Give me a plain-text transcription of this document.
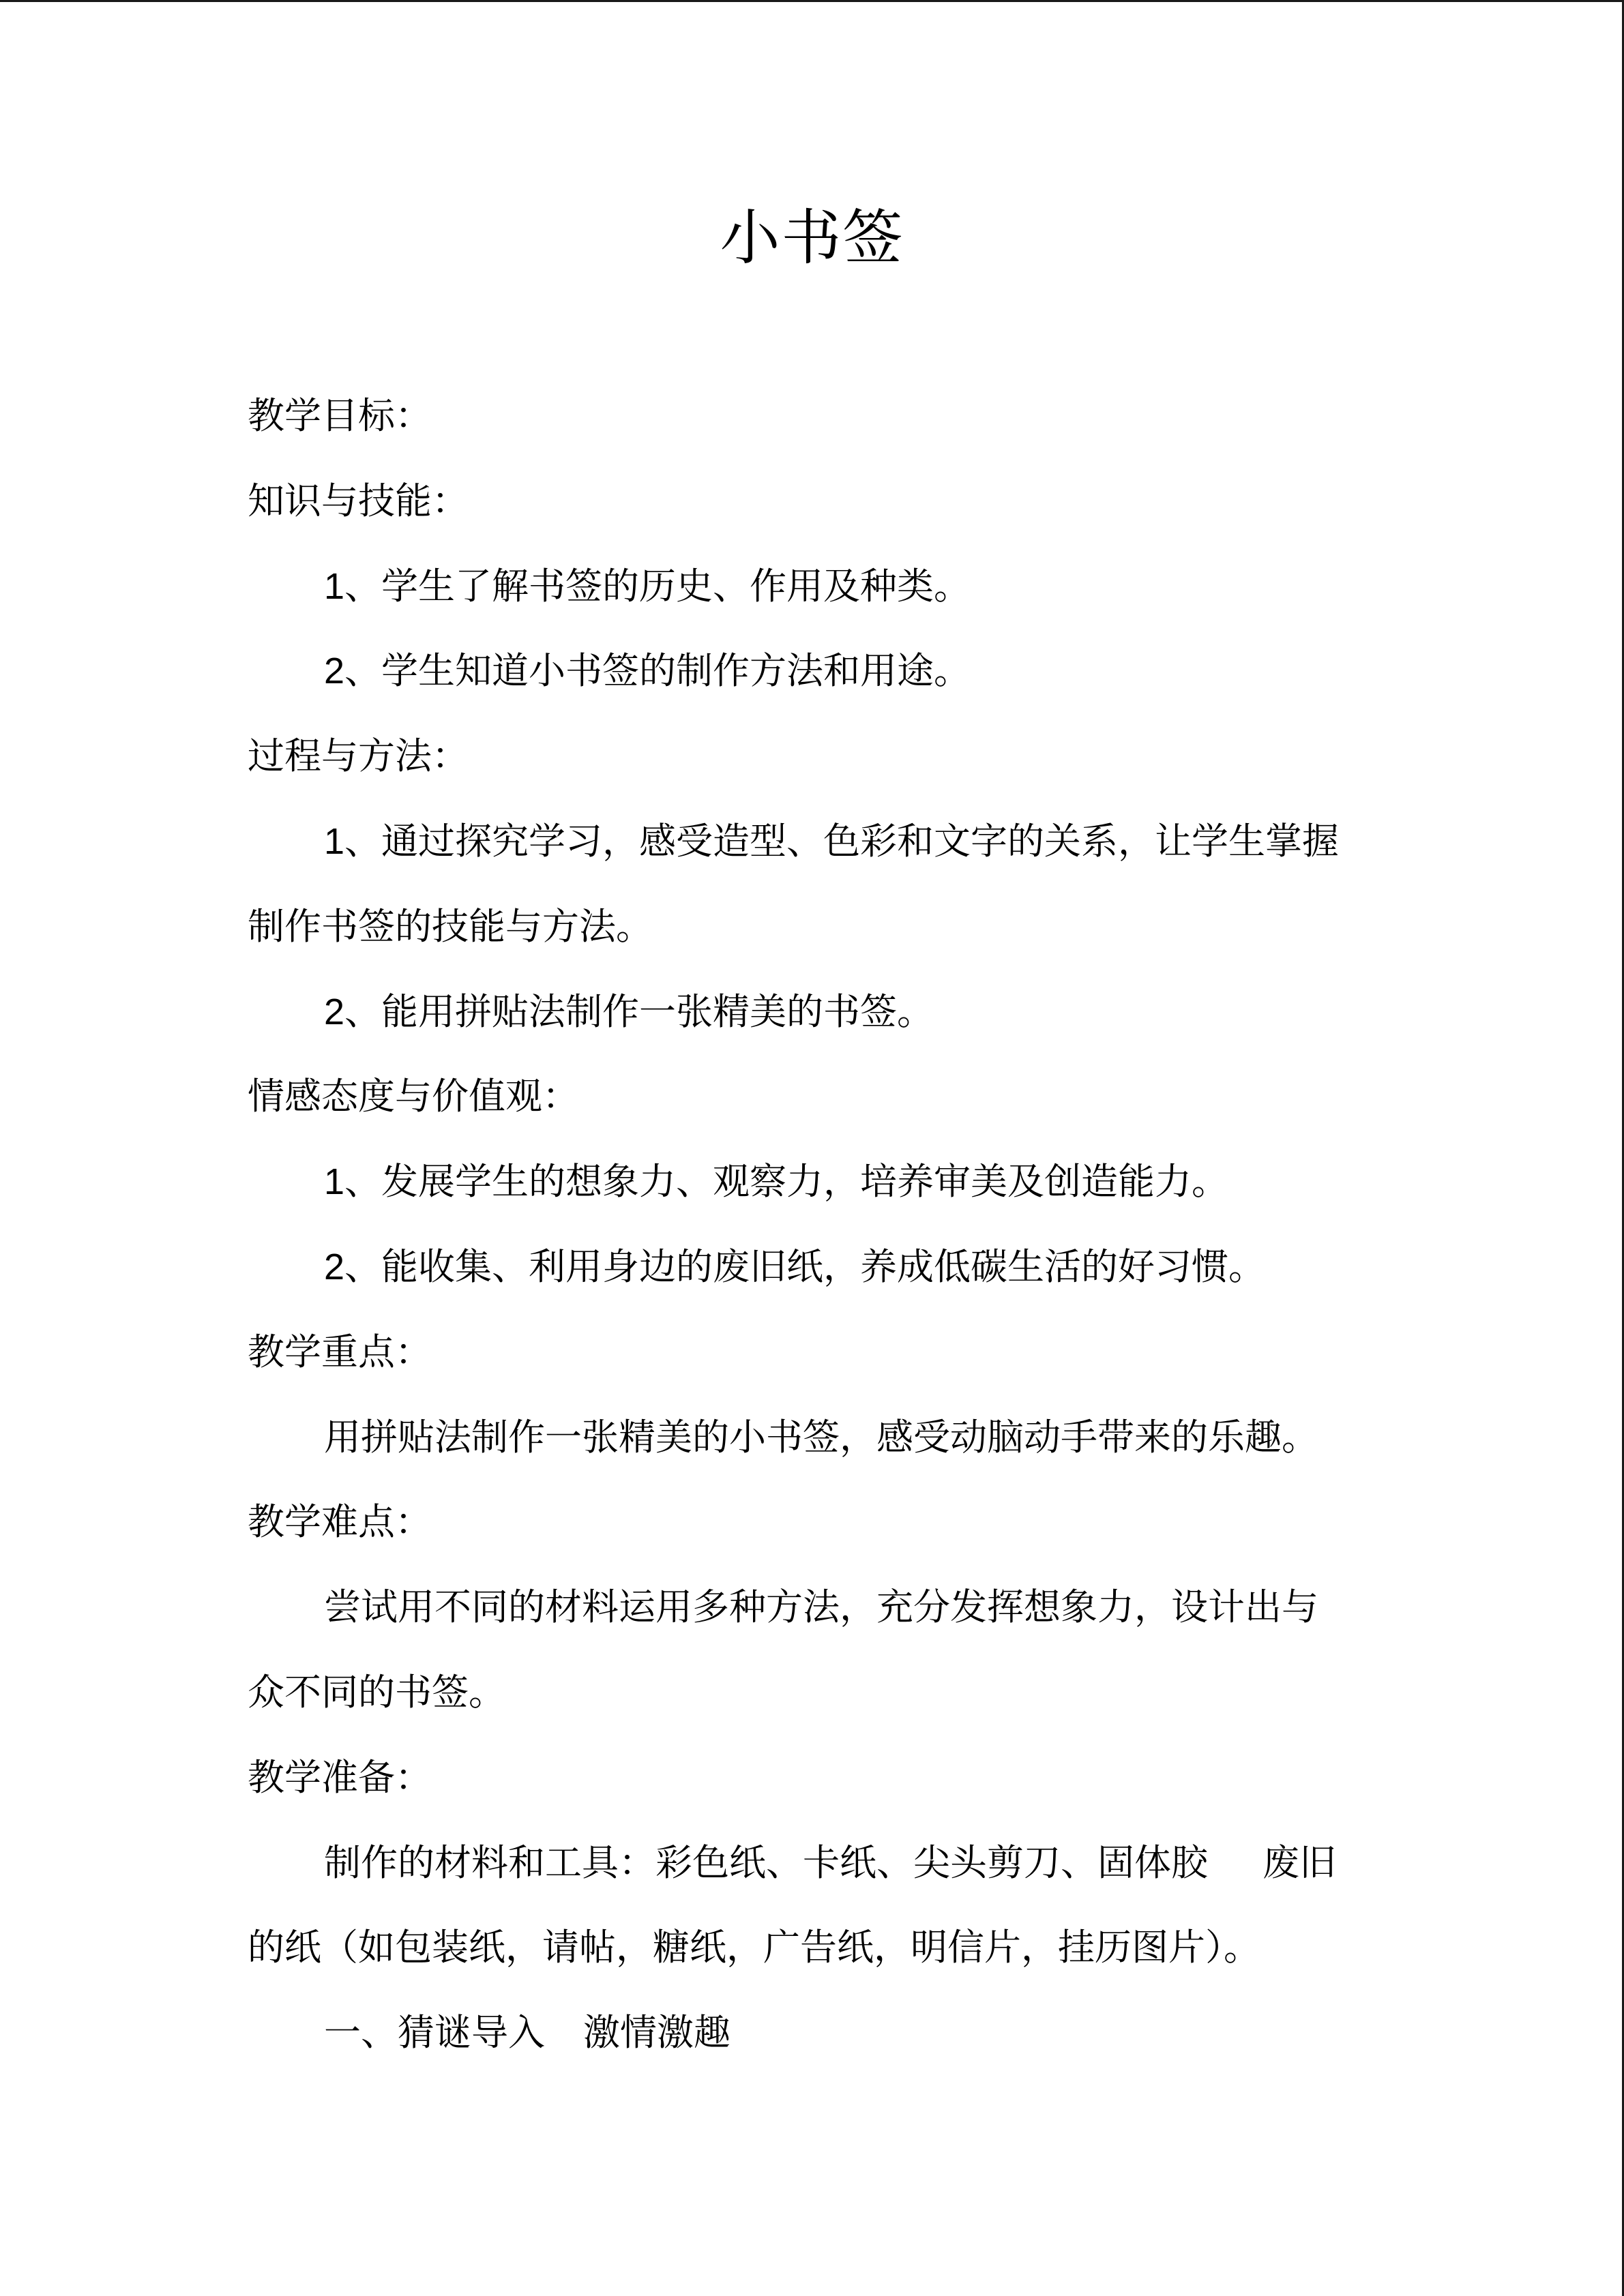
小书签

教学目标：

知识与技能：

1、学生了解书签的历史、作用及种类。

2、学生知道小书签的制作方法和用途。

过程与方法：

1、通过探究学习，感受造型、色彩和文字的关系，让学生掌握

制作书签的技能与方法。

2、能用拼贴法制作一张精美的书签。

情感态度与价值观：

1、发展学生的想象力、观察力，培养审美及创造能力。

2、能收集、利用身边的废旧纸，养成低碳生活的好习惯。

教学重点：

用拼贴法制作一张精美的小书签，感受动脑动手带来的乐趣。

教学难点：

尝试用不同的材料运用多种方法，充分发挥想象力，设计出与

众不同的书签。

教学准备：

制作的材料和工具：彩色纸、卡纸、尖头剪刀、固体胶 废旧

的纸（如包装纸，请帖，糖纸，广告纸，明信片，挂历图片）。

一、猜谜导入 激情激趣
